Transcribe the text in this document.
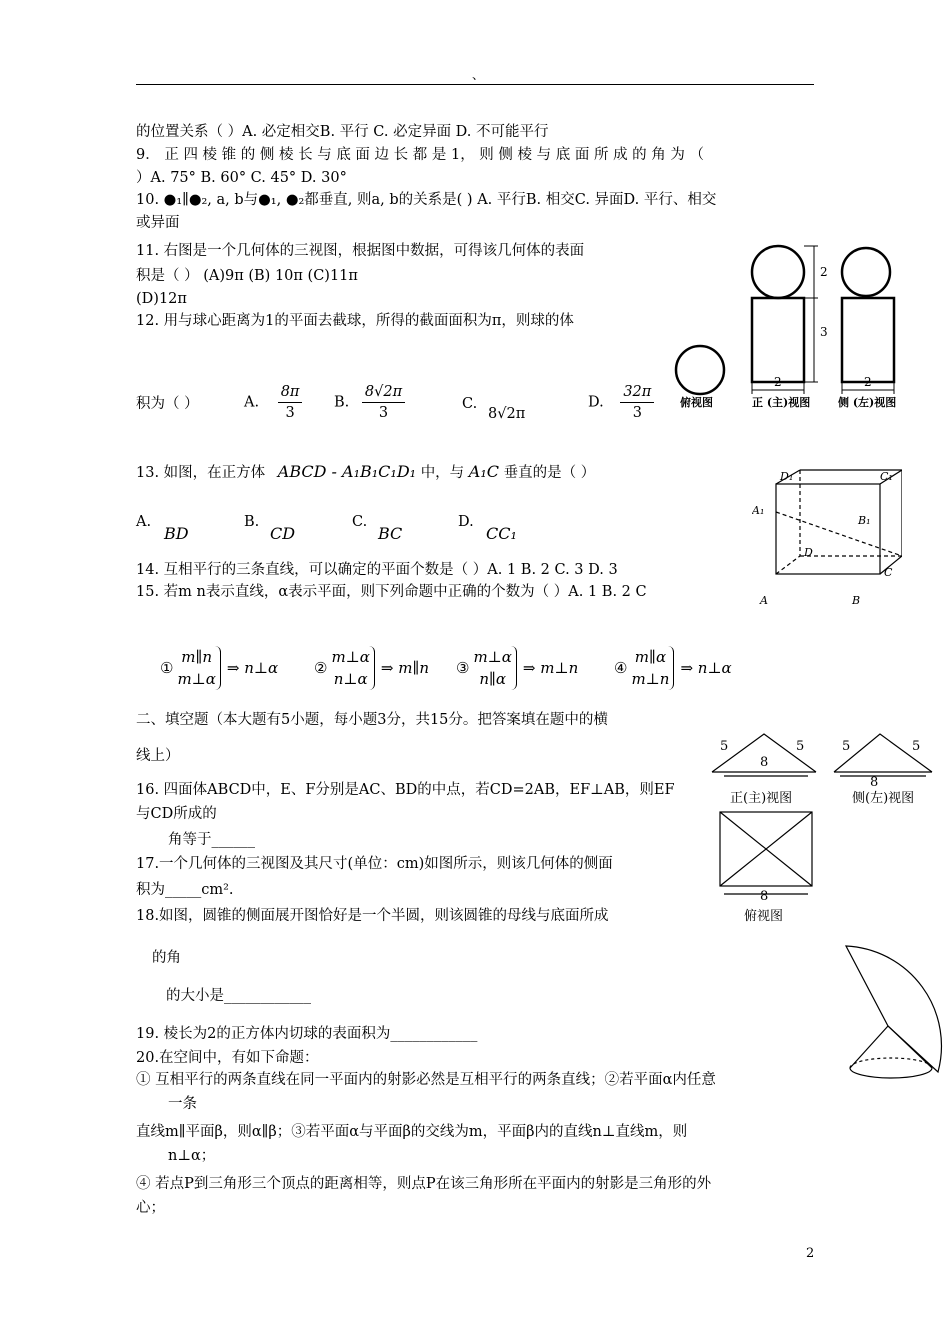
、
的位置关系（ ）A. 必定相交B. 平行 C. 必定异面 D. 不可能平行
9． 正 四 棱 锥 的 侧 棱 长 与 底 面 边 长 都 是 1， 则 侧 棱 与 底 面 所 成 的 角 为 （
）A. 75° B. 60° C. 45° D. 30°
10. ●₁∥●₂, a, b与●₁, ●₂都垂直, 则a, b的关系是( ) A. 平行B. 相交C. 异面D. 平行、相交
或异面
11. 右图是一个几何体的三视图，根据图中数据，可得该几何体的表面
积是（ ） (A)9π (B) 10π (C)11π
(D)12π
12. 用与球心距离为1的平面去截球，所得的截面面积为π，则球的体
积为（ ）	A. $\frac{8\pi}{3} B$. $\frac{8√2\pi}{3}$	C.
8√2π
D. $\frac{32\pi}{3}$
13. 如图，在正方体 ABCD - A₁B₁C₁D₁ 中，与 A₁C 垂直的是（ ）
A.
BD
B.
CD
C.
BC
D.
CC₁
14. 互相平行的三条直线，可以确定的平面个数是（ ）A. 1 B. 2 C. 3 D. 3
15. 若m n表示直线，α表示平面，则下列命题中正确的个数为（ ）A. 1 B. 2 C
①
m∥n
m⊥α
⇒ n⊥α ②
m⊥α
n⊥α
⇒ m∥n ③
m⊥α
n∥α
⇒ m⊥n ④
m∥α
m⊥n
⇒ n⊥α
二、填空题（本大题有5小题，每小题3分，共15分。把答案填在题中的横
线上）
16. 四面体ABCD中，E、F分别是AC、BD的中点，若CD=2AB，EF⊥AB，则EF
与CD所成的
角等于______
17.一个几何体的三视图及其尺寸(单位：cm)如图所示，则该几何体的侧面
积为_____cm².
18.如图，圆锥的侧面展开图恰好是一个半圆，则该圆锥的母线与底面所成
的角
的大小是____________
19. 棱长为2的正方体内切球的表面积为____________
20.在空间中，有如下命题：
① 互相平行的两条直线在同一平面内的射影必然是互相平行的两条直线；②若平面α内任意
一条
直线m∥平面β，则α∥β；③若平面α与平面β的交线为m，平面β内的直线n⊥直线m，则
n⊥α；
④ 若点P到三角形三个顶点的距离相等，则点P在该三角形所在平面内的射影是三角形的外
心；
2
2
3
2	2
俯视图	正 (主)视图	侧 (左)视图
D₁	C₁
A₁
B₁
D
C
A	B
5	5
8
5	5
8
正(主)视图	侧(左)视图
8
俯视图
